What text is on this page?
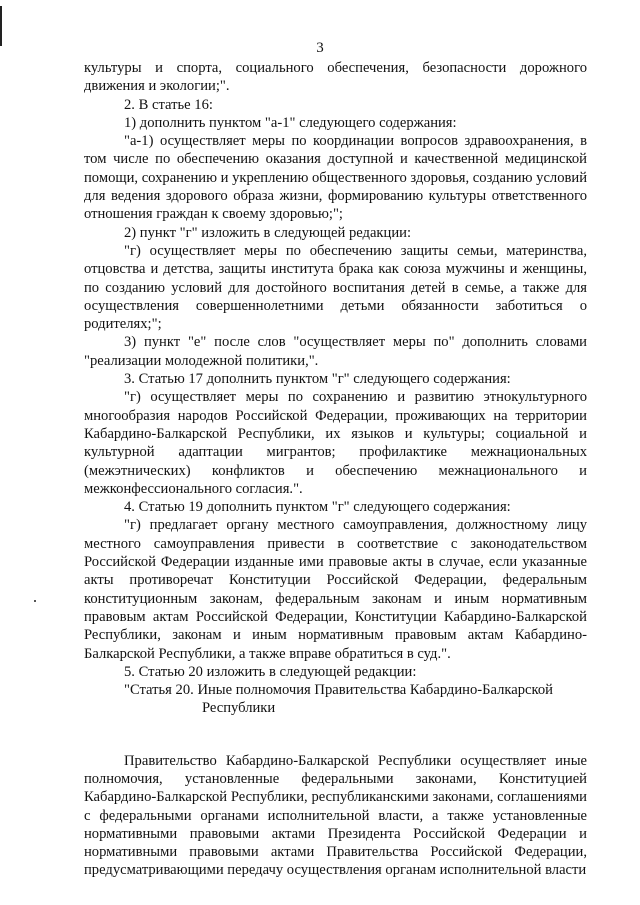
3

культуры и спорта, социального обеспечения, безопасности дорожного движения и экологии;".

2. В статье 16:

1) дополнить пунктом "а-1" следующего содержания:

"а-1) осуществляет меры по координации вопросов здравоохранения, в том числе по обеспечению оказания доступной и качественной медицинской помощи, сохранению и укреплению общественного здоровья, созданию условий для ведения здорового образа жизни, формированию культуры ответственного отношения граждан к своему здоровью;";

2) пункт "г" изложить в следующей редакции:

"г) осуществляет меры по обеспечению защиты семьи, материнства, отцовства и детства, защиты института брака как союза мужчины и женщины, по созданию условий для достойного воспитания детей в семье, а также для осуществления совершеннолетними детьми обязанности заботиться о родителях;";

3) пункт "е" после слов "осуществляет меры по" дополнить словами "реализации молодежной политики,".

3. Статью 17 дополнить пунктом "г" следующего содержания:

"г) осуществляет меры по сохранению и развитию этнокультурного многообразия народов Российской Федерации, проживающих на территории Кабардино-Балкарской Республики, их языков и культуры; социальной и культурной адаптации мигрантов; профилактике межнациональных (межэтнических) конфликтов и обеспечению межнационального и межконфессионального согласия.".

4. Статью 19 дополнить пунктом "г" следующего содержания:

"г) предлагает органу местного самоуправления, должностному лицу местного самоуправления привести в соответствие с законодательством Российской Федерации изданные ими правовые акты в случае, если указанные акты противоречат Конституции Российской Федерации, федеральным конституционным законам, федеральным законам и иным нормативным правовым актам Российской Федерации, Конституции Кабардино-Балкарской Республики, законам и иным нормативным правовым актам Кабардино-Балкарской Республики, а также вправе обратиться в суд.".

5. Статью 20 изложить в следующей редакции:

"Статья 20. Иные полномочия Правительства Кабардино-Балкарской
Республики

Правительство Кабардино-Балкарской Республики осуществляет иные полномочия, установленные федеральными законами, Конституцией Кабардино-Балкарской Республики, республиканскими законами, соглашениями с федеральными органами исполнительной власти, а также установленные нормативными правовыми актами Президента Российской Федерации и нормативными правовыми актами Правительства Российской Федерации, предусматривающими передачу осуществления органам исполнительной власти
